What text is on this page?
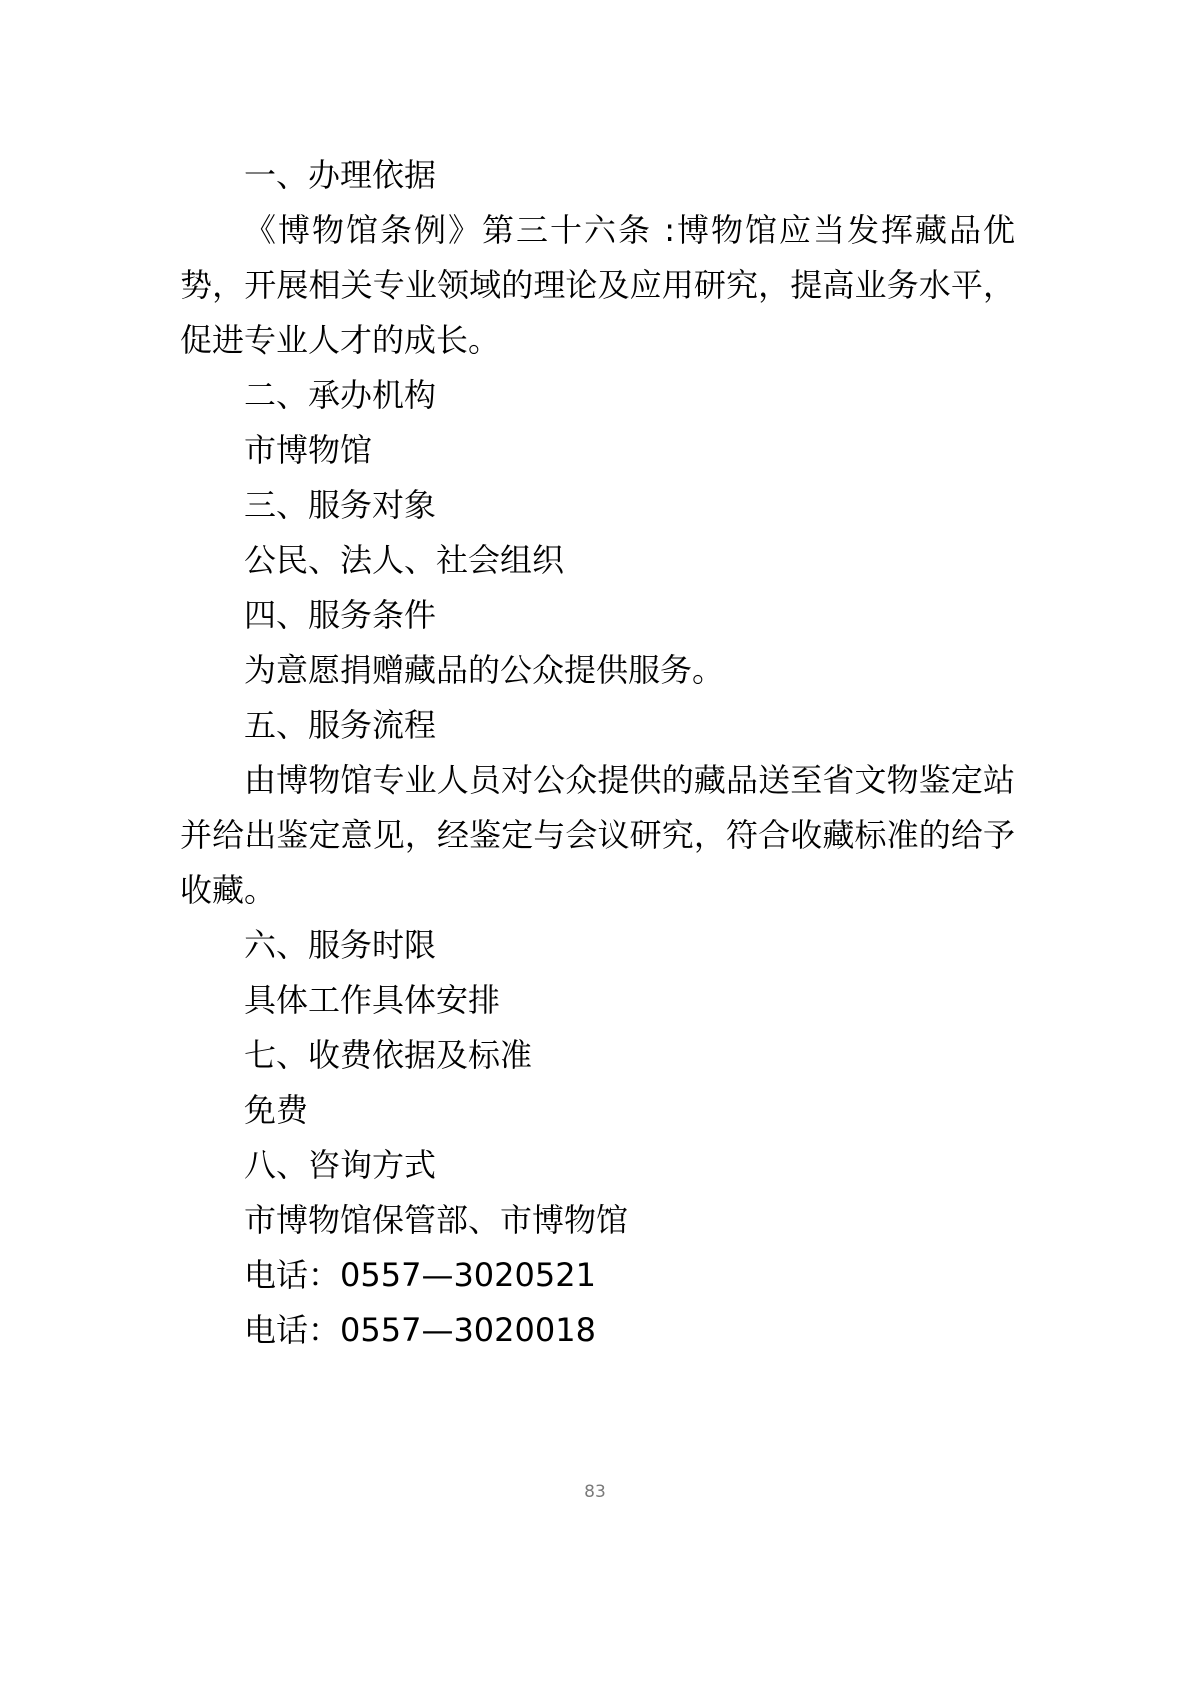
一、办理依据

《博物馆条例》第三十六条 :博物馆应当发挥藏品优势，开展相关专业领域的理论及应用研究，提高业务水平，促进专业人才的成长。

二、承办机构
市博物馆
三、服务对象
公民、法人、社会组织
四、服务条件
为意愿捐赠藏品的公众提供服务。
五、服务流程

由博物馆专业人员对公众提供的藏品送至省文物鉴定站并给出鉴定意见，经鉴定与会议研究，符合收藏标准的给予收藏。

六、服务时限
具体工作具体安排
七、收费依据及标准
免费
八、咨询方式
市博物馆保管部、市博物馆
电话：0557—3020521
电话：0557—3020018
83
